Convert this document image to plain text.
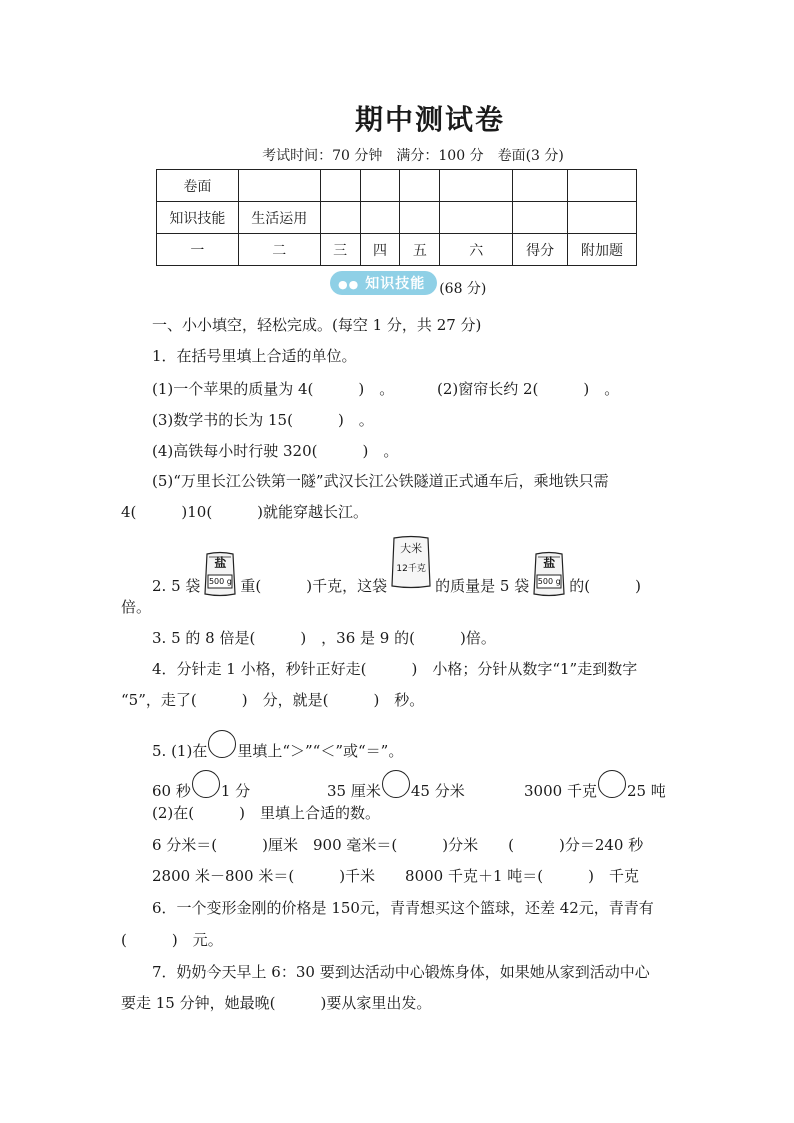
期中测试卷
考试时间：70 分钟　满分：100 分　卷面(3 分)
卷面							
知识技能	生活运用						
一	二	三	四	五	六	得分	附加题
●● 知识技能 (68 分)
一、小小填空，轻松完成。(每空 1 分，共 27 分)
1．在括号里填上合适的单位。
(1)一个苹果的质量为 4(　　　)　。	(2)窗帘长约 2(　　　)　。
(3)数学书的长为 15(　　　)　。
(4)高铁每小时行驶 320(　　　)　。
(5)“万里长江公铁第一隧”武汉长江公铁隧道正式通车后，乘地铁只需
4(　　　)10(　　　)就能穿越长江。
2. 5 袋
盐
500 g 重(　　　)千克，这袋
大米
12千克
的质量是 5 袋
盐
500 g 的(　　　)
倍。
3. 5 的 8 倍是(　　　)　，36 是 9 的(　　　)倍。
4．分针走 1 小格，秒针正好走(　　　)　小格；分针从数字“1”走到数字
“5”，走了(　　　)　分，就是(　　　)　秒。
5. (1)在 里填上“＞”“＜”或“＝”。
60 秒 1 分	35 厘米 45 分米	3000 千克 25 吨
(2)在(　　　)　里填上合适的数。
6 分米＝(　　　)厘米　900 毫米＝(　　　)分米　　(　　　)分＝240 秒
2800 米－800 米＝(　　　)千米　　8000 千克＋1 吨＝(　　　)　千克
6．一个变形金刚的价格是 150元，青青想买这个篮球，还差 42元，青青有
(　　　)　元。
7．奶奶今天早上 6：30 要到达活动中心锻炼身体，如果她从家到活动中心
要走 15 分钟，她最晚(　　　)要从家里出发。
